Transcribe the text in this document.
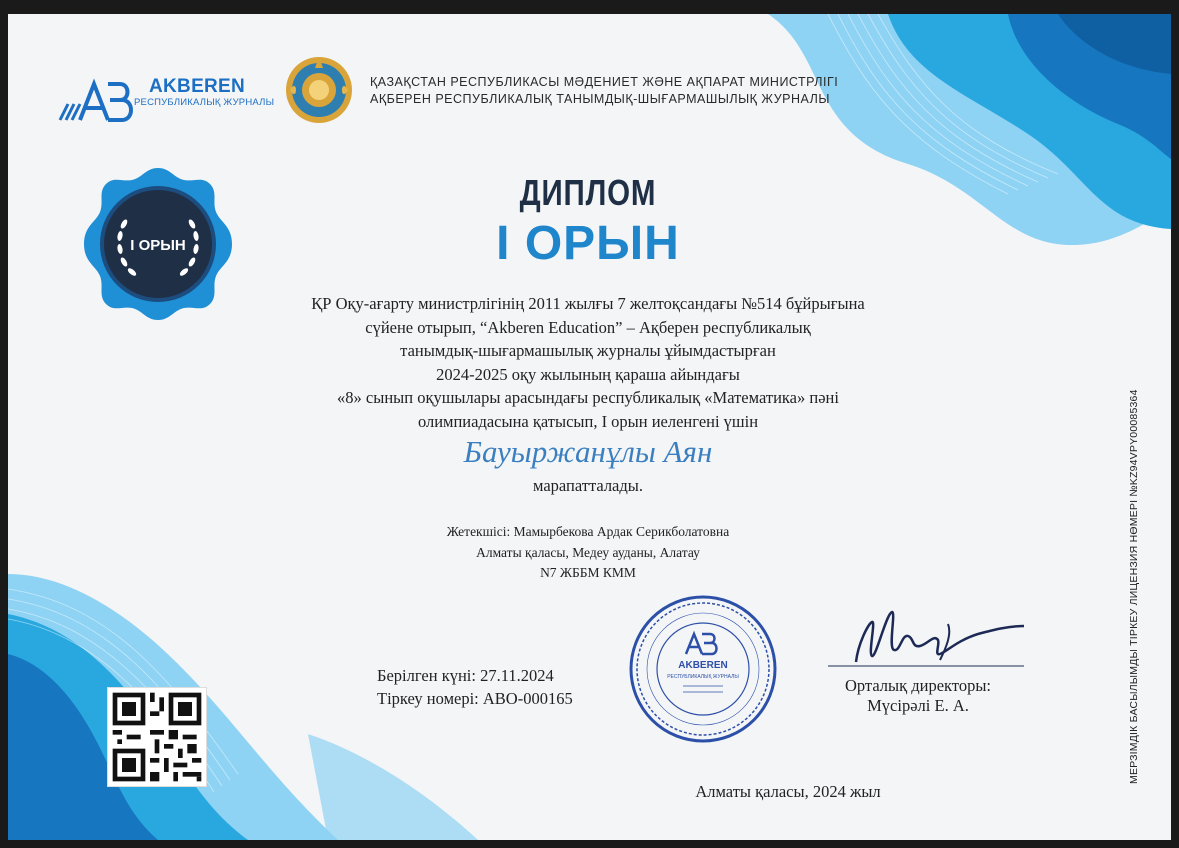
AKBEREN
РЕСПУБЛИКАЛЫҚ ЖУРНАЛЫ
ҚАЗАҚСТАН РЕСПУБЛИКАСЫ МӘДЕНИЕТ ЖӘНЕ АҚПАРАТ МИНИСТРЛІГІ
АҚБЕРЕН РЕСПУБЛИКАЛЫҚ ТАНЫМДЫҚ-ШЫҒАРМАШЫЛЫҚ ЖУРНАЛЫ
I ОРЫН
ДИПЛОМ
I ОРЫН
ҚР Оқу-ағарту министрлігінің 2011 жылғы 7 желтоқсандағы №514 бұйрығына
сүйене отырып, “Akberen Education” – Ақберен республикалық
танымдық-шығармашылық журналы ұйымдастырған
2024-2025 оқу жылының қараша айындағы
«8» сынып оқушылары арасындағы республикалық «Математика» пәні
олимпиадасына қатысып, I орын иеленгені үшін
Бауыржанұлы Аян
марапатталады.
Жетекшісі: Мамырбекова Ардак Серикболатовна
Алматы қаласы, Медеу ауданы, Алатау
N7 ЖББМ КММ
Берілген күні: 27.11.2024
Тіркеу номері: АВО-000165
AKBEREN
РЕСПУБЛИКАЛЫҚ ЖУРНАЛЫ	Орталық директоры:
Мүсірәлі Е. А.
Алматы қаласы, 2024 жыл
МЕРЗІМДІК БАСЫЛЫМДЫ ТІРКЕУ ЛИЦЕНЗИЯ НӨМЕРІ №KZ94VPY00085364
